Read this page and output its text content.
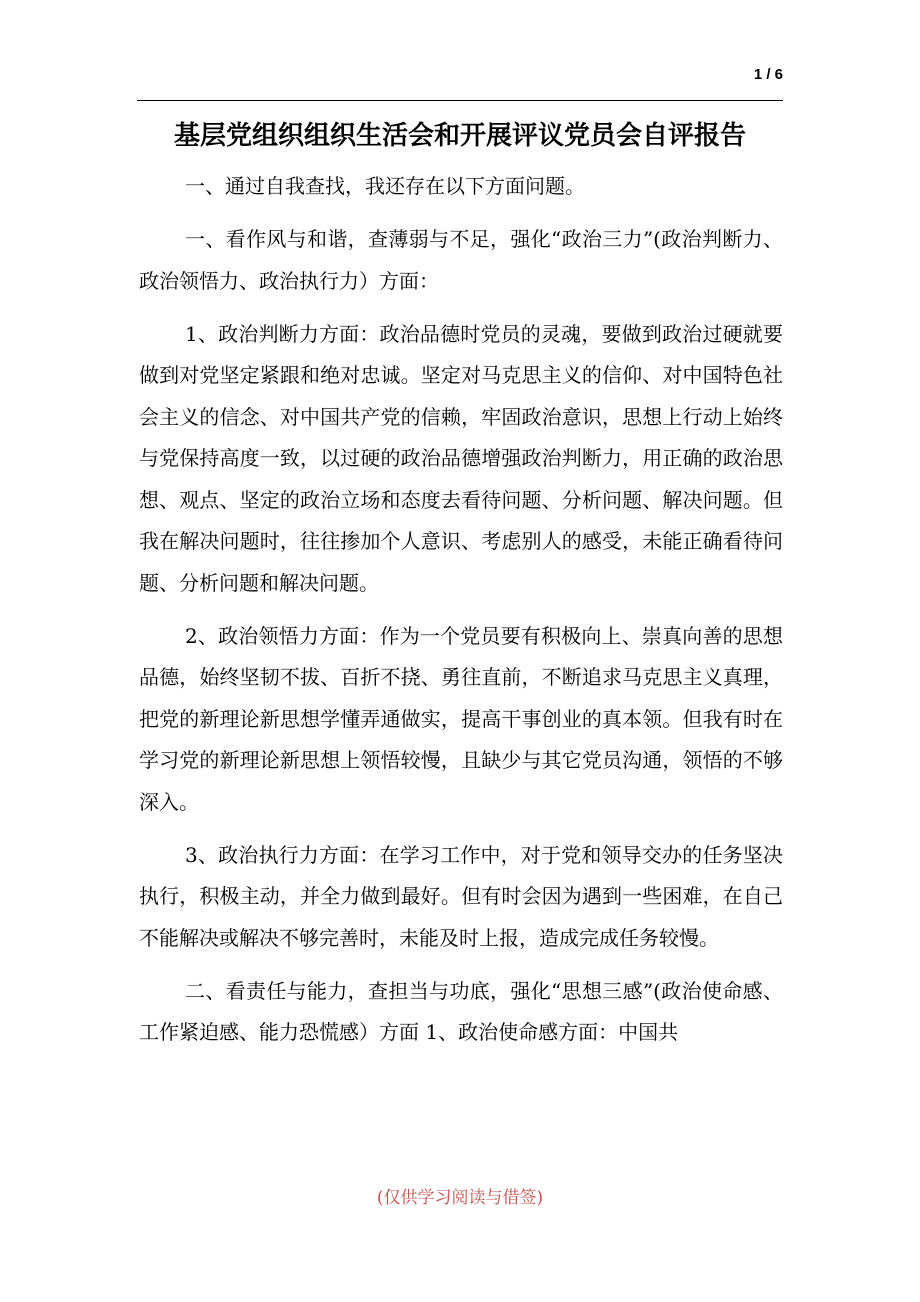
1 / 6
基层党组织组织生活会和开展评议党员会自评报告

一、通过自我查找，我还存在以下方面问题。

一、看作风与和谐，查薄弱与不足，强化“政治三力”(政治判断力、政治领悟力、政治执行力）方面：

1、政治判断力方面：政治品德时党员的灵魂，要做到政治过硬就要做到对党坚定紧跟和绝对忠诚。坚定对马克思主义的信仰、对中国特色社会主义的信念、对中国共产党的信赖，牢固政治意识，思想上行动上始终与党保持高度一致，以过硬的政治品德增强政治判断力，用正确的政治思想、观点、坚定的政治立场和态度去看待问题、分析问题、解决问题。但我在解决问题时，往往掺加个人意识、考虑别人的感受，未能正确看待问题、分析问题和解决问题。

2、政治领悟力方面：作为一个党员要有积极向上、崇真向善的思想品德，始终坚韧不拔、百折不挠、勇往直前，不断追求马克思主义真理，把党的新理论新思想学懂弄通做实，提高干事创业的真本领。但我有时在学习党的新理论新思想上领悟较慢，且缺少与其它党员沟通，领悟的不够深入。

3、政治执行力方面：在学习工作中，对于党和领导交办的任务坚决执行，积极主动，并全力做到最好。但有时会因为遇到一些困难，在自己不能解决或解决不够完善时，未能及时上报，造成完成任务较慢。

二、看责任与能力，查担当与功底，强化“思想三感”(政治使命感、工作紧迫感、能力恐慌感）方面 1、政治使命感方面：中国共

(仅供学习阅读与借签)
